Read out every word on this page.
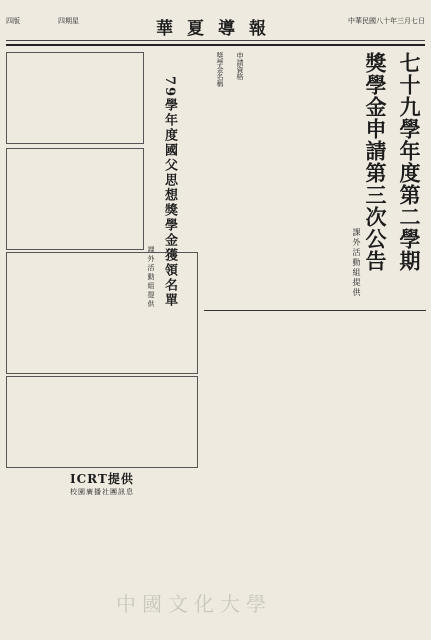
四版	四期星	華夏導報	中華民國八十年三月七日
七十九學年度第二學期
獎學金申請第三次公告
課外活動組提供
獎學金名稱 申請資格
79學年度國父思想獎學金獲領名單
課外活動組提供
ICRT提供
校園廣播社團訊息
中國文化大學
